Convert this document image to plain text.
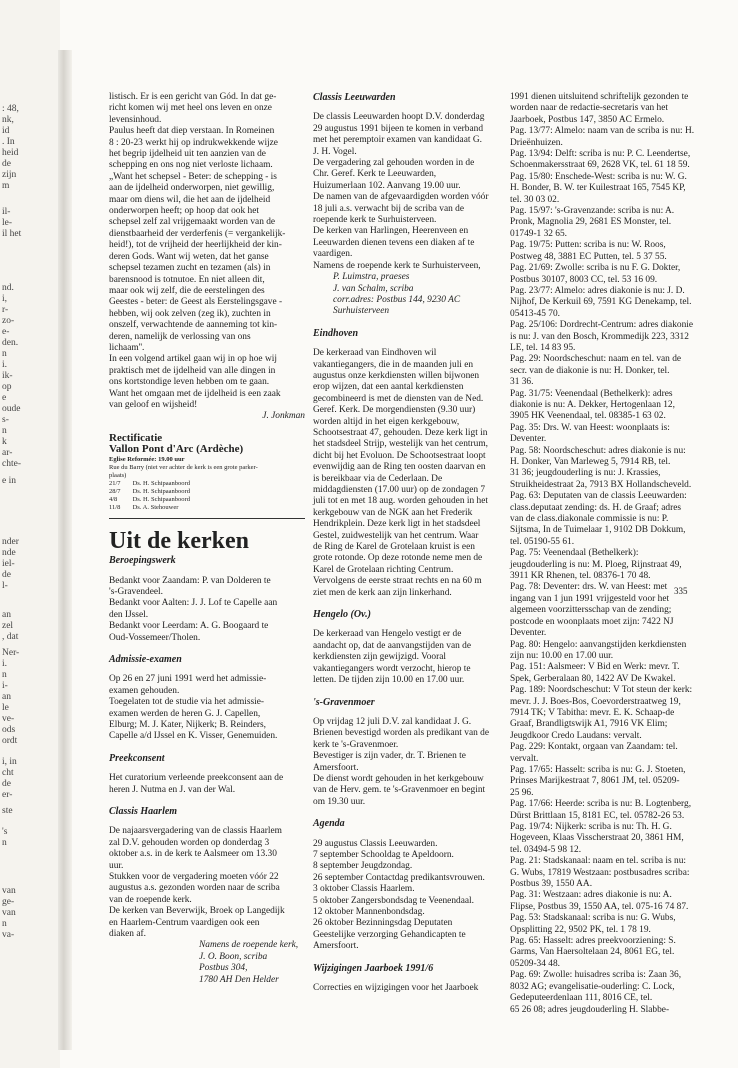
: 48,
nk,
id
. In
heid
de
zijn
m
il-
le-
il het
nd.
i,
r-
zo-
e-
den.
n
i.
ik-
op
e
oude
s-
n
k
ar-
chte-
e in
nder
nde
iel-
de
l-
an
zel
, dat
Ner-
i.
n
i-
an
le
ve-
ods
ordt
i, in
cht
de
er-
ste
's
n
van
ge-
van
n
va-

listisch. Er is een gericht van Gód. In dat ge-

richt komen wij met heel ons leven en onze

levensinhoud.

Paulus heeft dat diep verstaan. In Romeinen

8 : 20-23 werkt hij op indrukwekkende wijze

het begrip ijdelheid uit ten aanzien van de

schepping en ons nog niet verloste lichaam.

„Want het schepsel - Beter: de schepping - is

aan de ijdelheid onderworpen, niet gewillig,

maar om diens wil, die het aan de ijdelheid

onderworpen heeft; op hoop dat ook het

schepsel zelf zal vrijgemaakt worden van de

dienstbaarheid der verderfenis (= vergankelijk-

heid!), tot de vrijheid der heerlijkheid der kin-

deren Gods. Want wij weten, dat het ganse

schepsel tezamen zucht en tezamen (als) in

barensnood is totnutoe. En niet alleen dit,

maar ook wij zelf, die de eerstelingen des

Geestes - beter: de Geest als Eerstelingsgave -

hebben, wij ook zelven (zeg ik), zuchten in

onszelf, verwachtende de aanneming tot kin-

deren, namelijk de verlossing van ons

lichaam''.

In een volgend artikel gaan wij in op hoe wij

praktisch met de ijdelheid van alle dingen in

ons kortstondige leven hebben om te gaan.

Want het omgaan met de ijdelheid is een zaak

van geloof en wijsheid!

J. Jonkman

Rectificatie

Vallon Pont d'Arc (Ardèche)

Eglise Reformée: 19.00 uur

Rue du Barry (niet ver achter de kerk is een grote parker-

plaats)

21/7	Ds. H. Schipaanboord
28/7	Ds. H. Schipaanboord
4/8	Ds. H. Schipaanboord
11/8	Ds. A. Stehouwer

Uit de kerken

Beroepingswerk

Bedankt voor Zaandam: P. van Dolderen te

's-Gravendeel.

Bedankt voor Aalten: J. J. Lof te Capelle aan

den IJssel.

Bedankt voor Leerdam: A. G. Boogaard te

Oud-Vossemeer/Tholen.

Admissie-examen

Op 26 en 27 juni 1991 werd het admissie-

examen gehouden.

Toegelaten tot de studie via het admissie-

examen werden de heren G. J. Capellen,

Elburg; M. J. Kater, Nijkerk; B. Reinders,

Capelle a/d IJssel en K. Visser, Genemuiden.

Preekconsent

Het curatorium verleende preekconsent aan de

heren J. Nutma en J. van der Wal.

Classis Haarlem

De najaarsvergadering van de classis Haarlem

zal D.V. gehouden worden op donderdag 3

oktober a.s. in de kerk te Aalsmeer om 13.30

uur.

Stukken voor de vergadering moeten vóór 22

augustus a.s. gezonden worden naar de scriba

van de roepende kerk.

De kerken van Beverwijk, Broek op Langedijk

en Haarlem-Centrum vaardigen ook een

diaken af.

Namens de roepende kerk,

J. O. Boon, scriba

Postbus 304,

1780 AH Den Helder

Classis Leeuwarden

De classis Leeuwarden hoopt D.V. donderdag

29 augustus 1991 bijeen te komen in verband

met het peremptoir examen van kandidaat G.

J. H. Vogel.

De vergadering zal gehouden worden in de

Chr. Geref. Kerk te Leeuwarden,

Huizumerlaan 102. Aanvang 19.00 uur.

De namen van de afgevaardigden worden vóór

18 juli a.s. verwacht bij de scriba van de

roepende kerk te Surhuisterveen.

De kerken van Harlingen, Heerenveen en

Leeuwarden dienen tevens een diaken af te

vaardigen.

Namens de roepende kerk te Surhuisterveen,

P. Luimstra, praeses

J. van Schalm, scriba

corr.adres: Postbus 144, 9230 AC

Surhuisterveen

Eindhoven

De kerkeraad van Eindhoven wil

vakantiegangers, die in de maanden juli en

augustus onze kerkdiensten willen bijwonen

erop wijzen, dat een aantal kerkdiensten

gecombineerd is met de diensten van de Ned.

Geref. Kerk. De morgendiensten (9.30 uur)

worden altijd in het eigen kerkgebouw,

Schootsestraat 47, gehouden. Deze kerk ligt in

het stadsdeel Strijp, westelijk van het centrum,

dicht bij het Evoluon. De Schootsestraat loopt

evenwijdig aan de Ring ten oosten daarvan en

is bereikbaar via de Cederlaan. De

middagdiensten (17.00 uur) op de zondagen 7

juli tot en met 18 aug. worden gehouden in het

kerkgebouw van de NGK aan het Frederik

Hendrikplein. Deze kerk ligt in het stadsdeel

Gestel, zuidwestelijk van het centrum. Waar

de Ring de Karel de Grotelaan kruist is een

grote rotonde. Op deze rotonde neme men de

Karel de Grotelaan richting Centrum.

Vervolgens de eerste straat rechts en na 60 m

ziet men de kerk aan zijn linkerhand.

Hengelo (Ov.)

De kerkeraad van Hengelo vestigt er de

aandacht op, dat de aanvangstijden van de

kerkdiensten zijn gewijzigd. Vooral

vakantiegangers wordt verzocht, hierop te

letten. De tijden zijn 10.00 en 17.00 uur.

's-Gravenmoer

Op vrijdag 12 juli D.V. zal kandidaat J. G.

Brienen bevestigd worden als predikant van de

kerk te 's-Gravenmoer.

Bevestiger is zijn vader, dr. T. Brienen te

Amersfoort.

De dienst wordt gehouden in het kerkgebouw

van de Herv. gem. te 's-Gravenmoer en begint

om 19.30 uur.

Agenda

29 augustus Classis Leeuwarden.

7 september Schooldag te Apeldoorn.

8 september Jeugdzondag.

26 september Contactdag predikantsvrouwen.

3 oktober Classis Haarlem.

5 oktober Zangersbondsdag te Veenendaal.

12 oktober Mannenbondsdag.

26 oktober Bezinningsdag Deputaten

Geestelijke verzorging Gehandicapten te

Amersfoort.

Wijzigingen Jaarboek 1991/6

Correcties en wijzigingen voor het Jaarboek

1991 dienen uitsluitend schriftelijk gezonden te

worden naar de redactie-secretaris van het

Jaarboek, Postbus 147, 3850 AC Ermelo.

Pag. 13/77: Almelo: naam van de scriba is nu: H.

Drieënhuizen.

Pag. 13/94: Delft: scriba is nu: P. C. Leendertse,

Schoenmakersstraat 69, 2628 VK, tel. 61 18 59.

Pag. 15/80: Enschede-West: scriba is nu: W. G.

H. Bonder, B. W. ter Kuilestraat 165, 7545 KP,

tel. 30 03 02.

Pag. 15/97: 's-Gravenzande: scriba is nu: A.

Pronk, Magnolia 29, 2681 ES Monster, tel.

01749-1 32 65.

Pag. 19/75: Putten: scriba is nu: W. Roos,

Postweg 48, 3881 EC Putten, tel. 5 37 55.

Pag. 21/69: Zwolle: scriba is nu F. G. Dokter,

Postbus 30107, 8003 CC, tel. 53 16 09.

Pag. 23/77: Almelo: adres diakonie is nu: J. D.

Nijhof, De Kerkuil 69, 7591 KG Denekamp, tel.

05413-45 70.

Pag. 25/106: Dordrecht-Centrum: adres diakonie

is nu: J. van den Bosch, Krommedijk 223, 3312

LE, tel. 14 83 95.

Pag. 29: Noordscheschut: naam en tel. van de

secr. van de diakonie is nu: H. Donker, tel.

31 36.

Pag. 31/75: Veenendaal (Bethelkerk): adres

diakonie is nu: A. Dekker, Hertogenlaan 12,

3905 HK Veenendaal, tel. 08385-1 63 02.

Pag. 35: Drs. W. van Heest: woonplaats is:

Deventer.

Pag. 58: Noordscheschut: adres diakonie is nu:

H. Donker, Van Marleweg 5, 7914 RB, tel.

31 36; jeugdouderling is nu: J. Krassies,

Struikheidestraat 2a, 7913 BX Hollandscheveld.

Pag. 63: Deputaten van de classis Leeuwarden:

class.deputaat zending: ds. H. de Graaf; adres

van de class.diakonale commissie is nu: P.

Sijtsma, In de Tuimelaar 1, 9102 DB Dokkum,

tel. 05190-55 61.

Pag. 75: Veenendaal (Bethelkerk):

jeugdouderling is nu: M. Ploeg, Rijnstraat 49,

3911 KR Rhenen, tel. 08376-1 70 48.

Pag. 78: Deventer: drs. W. van Heest: met

ingang van 1 jun 1991 vrijgesteld voor het

algemeen voorzittersschap van de zending;

postcode en woonplaats moet zijn: 7422 NJ

Deventer.

Pag. 80: Hengelo: aanvangstijden kerkdiensten

zijn nu: 10.00 en 17.00 uur.

Pag. 151: Aalsmeer: V Bid en Werk: mevr. T.

Spek, Gerberalaan 80, 1422 AV De Kwakel.

Pag. 189: Noordscheschut: V Tot steun der kerk:

mevr. J. J. Boes-Bos, Coevorderstraatweg 19,

7914 TK; V Tabitha: mevr. E. K. Schaap-de

Graaf, Brandligtswijk A1, 7916 VK Elim;

Jeugdkoor Credo Laudans: vervalt.

Pag. 229: Kontakt, orgaan van Zaandam: tel.

vervalt.

Pag. 17/65: Hasselt: scriba is nu: G. J. Stoeten,

Prinses Marijkestraat 7, 8061 JM, tel. 05209-

25 96.

Pag. 17/66: Heerde: scriba is nu: B. Logtenberg,

Dürst Brittlaan 15, 8181 EC, tel. 05782-26 53.

Pag. 19/74: Nijkerk: scriba is nu: Th. H. G.

Hogeveen, Klaas Visscherstraat 20, 3861 HM,

tel. 03494-5 98 12.

Pag. 21: Stadskanaal: naam en tel. scriba is nu:

G. Wubs, 17819 Westzaan: postbusadres scriba:

Postbus 39, 1550 AA.

Pag. 31: Westzaan: adres diakonie is nu: A.

Flipse, Postbus 39, 1550 AA, tel. 075-16 74 87.

Pag. 53: Stadskanaal: scriba is nu: G. Wubs,

Opsplitting 22, 9502 PK, tel. 1 78 19.

Pag. 65: Hasselt: adres preekvoorziening: S.

Garms, Van Haersoltelaan 24, 8061 EG, tel.

05209-34 48.

Pag. 69: Zwolle: huisadres scriba is: Zaan 36,

8032 AG; evangelisatie-ouderling: C. Lock,

Gedeputeerdenlaan 111, 8016 CE, tel.

65 26 08; adres jeugdouderling H. Slabbe-

335
